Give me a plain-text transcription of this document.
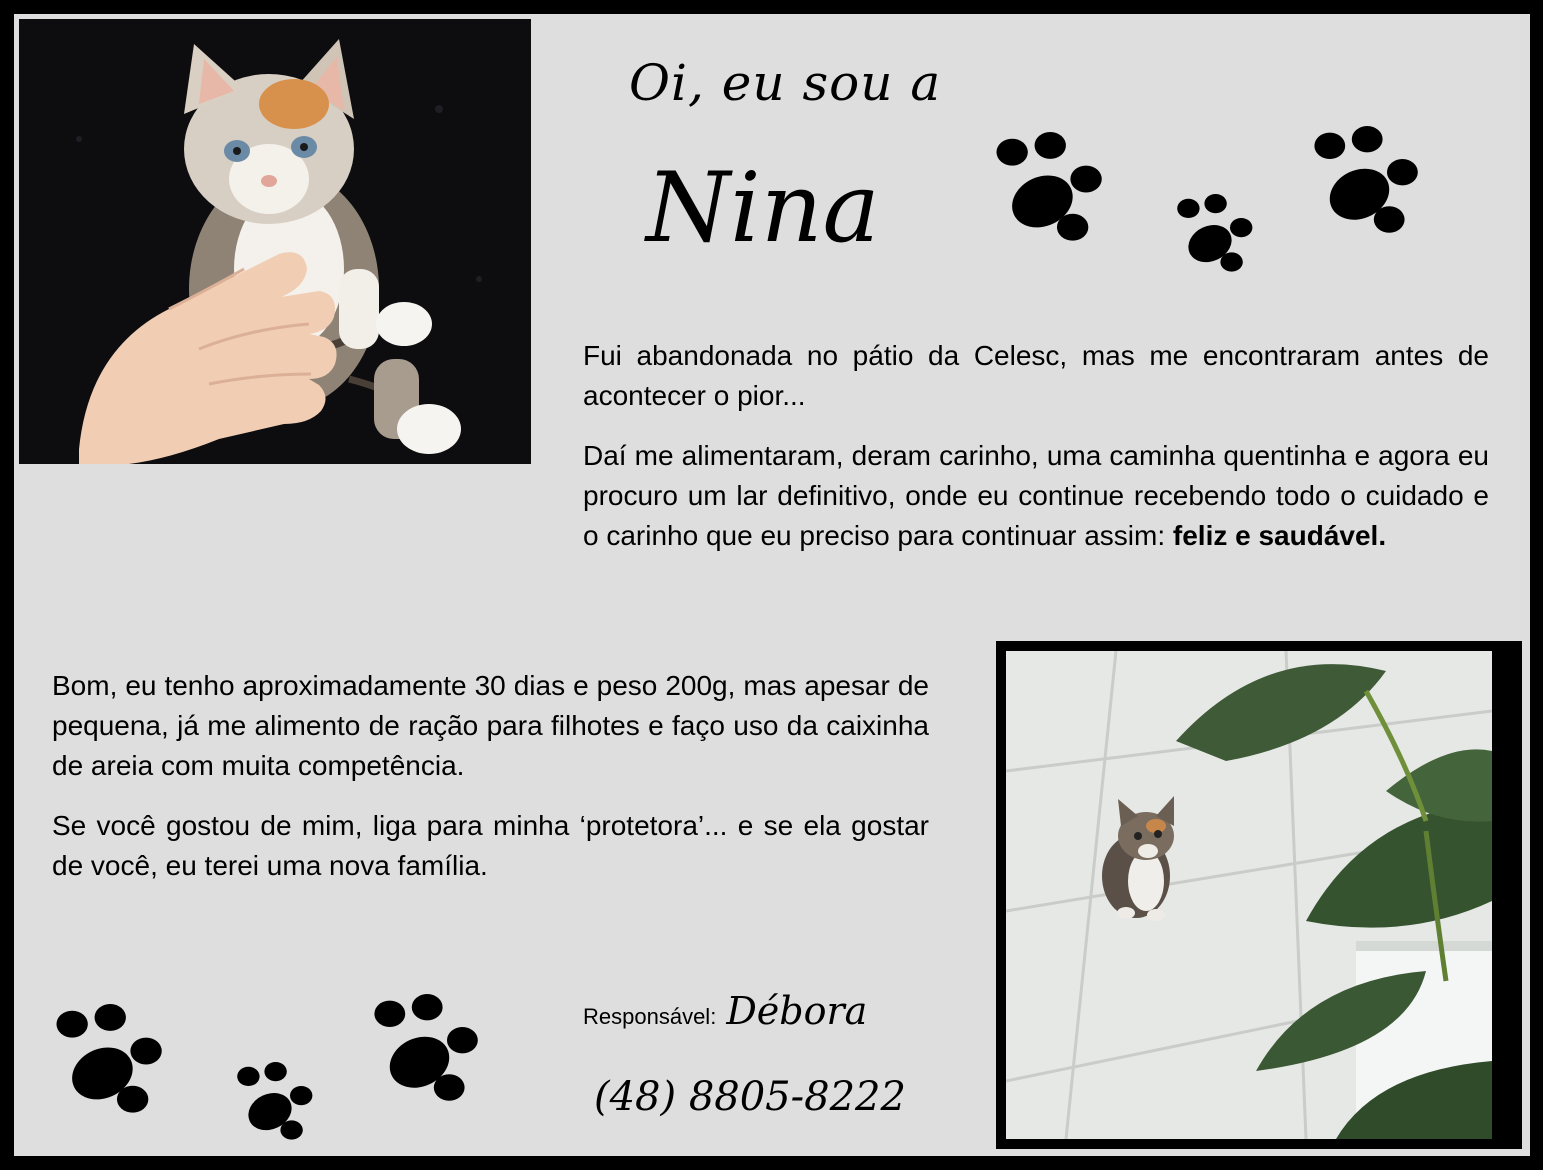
Oi, eu sou a
Nina

Fui abandonada no pátio da Celesc, mas me encontraram antes de acontecer o pior...

Daí me alimentaram, deram carinho, uma caminha quentinha e agora eu procuro um lar definitivo, onde eu continue recebendo todo o cuidado e o carinho que eu preciso para continuar assim: feliz e saudável.

Bom, eu tenho aproximadamente 30 dias e peso 200g, mas apesar de pequena, já me alimento de ração para filhotes e faço uso da caixinha de areia com muita competência.

Se você gostou de mim, liga para minha ‘protetora’... e se ela gostar de você, eu terei uma nova família.

Responsável: Débora
(48) 8805-8222
